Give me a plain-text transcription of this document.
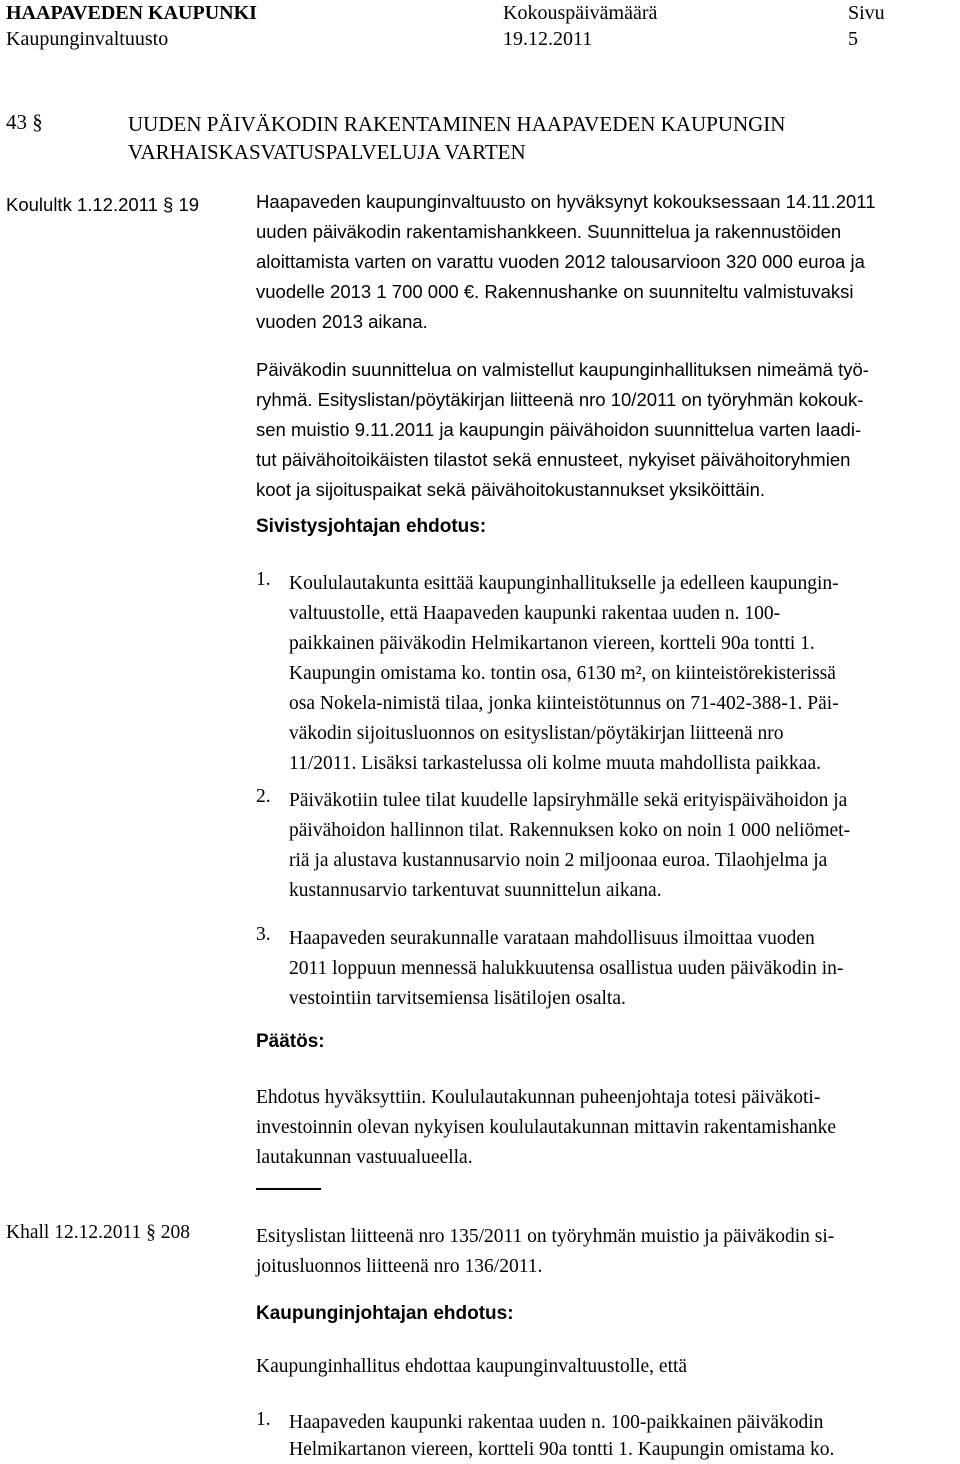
HAAPAVEDEN KAUPUNKI	Kokouspäivämäärä	Sivu
Kaupunginvaltuusto	19.12.2011	5
43 §	UUDEN PÄIVÄKODIN RAKENTAMINEN HAAPAVEDEN KAUPUNGIN
VARHAISKASVATUSPALVELUJA VARTEN
Koulultk 1.12.2011 § 19	Haapaveden kaupunginvaltuusto on hyväksynyt kokouksessaan 14.11.2011
uuden päiväkodin rakentamishankkeen. Suunnittelua ja rakennustöiden
aloittamista varten on varattu vuoden 2012 talousarvioon 320 000 euroa ja
vuodelle 2013 1 700 000 €. Rakennushanke on suunniteltu valmistuvaksi
vuoden 2013 aikana.
Päiväkodin suunnittelua on valmistellut kaupunginhallituksen nimeämä työ-
ryhmä. Esityslistan/pöytäkirjan liitteenä nro 10/2011 on työryhmän kokouk-
sen muistio 9.11.2011 ja kaupungin päivähoidon suunnittelua varten laadi-
tut päivähoitoikäisten tilastot sekä ennusteet, nykyiset päivähoitoryhmien
koot ja sijoituspaikat sekä päivähoitokustannukset yksiköittäin.
Sivistysjohtajan ehdotus:
1. Koululautakunta esittää kaupunginhallitukselle ja edelleen kaupungin-
valtuustolle, että Haapaveden kaupunki rakentaa uuden n. 100-
paikkainen päiväkodin Helmikartanon viereen, kortteli 90a tontti 1.
Kaupungin omistama ko. tontin osa, 6130 m², on kiinteistörekisterissä
osa Nokela-nimistä tilaa, jonka kiinteistötunnus on 71-402-388-1. Päi-
väkodin sijoitusluonnos on esityslistan/pöytäkirjan liitteenä nro
11/2011. Lisäksi tarkastelussa oli kolme muuta mahdollista paikkaa.
2. Päiväkotiin tulee tilat kuudelle lapsiryhmälle sekä erityispäivähoidon ja
päivähoidon hallinnon tilat. Rakennuksen koko on noin 1 000 neliömet-
riä ja alustava kustannusarvio noin 2 miljoonaa euroa. Tilaohjelma ja
kustannusarvio tarkentuvat suunnittelun aikana.
3. Haapaveden seurakunnalle varataan mahdollisuus ilmoittaa vuoden
2011 loppuun mennessä halukkuutensa osallistua uuden päiväkodin in-
vestointiin tarvitsemiensa lisätilojen osalta.
Päätös:
Ehdotus hyväksyttiin. Koululautakunnan puheenjohtaja totesi päiväkoti-
investoinnin olevan nykyisen koululautakunnan mittavin rakentamishanke
lautakunnan vastuualueella.
Khall 12.12.2011 § 208	Esityslistan liitteenä nro 135/2011 on työryhmän muistio ja päiväkodin si-
joitusluonnos liitteenä nro 136/2011.
Kaupunginjohtajan ehdotus:
Kaupunginhallitus ehdottaa kaupunginvaltuustolle, että
1. Haapaveden kaupunki rakentaa uuden n. 100-paikkainen päiväkodin
Helmikartanon viereen, kortteli 90a tontti 1. Kaupungin omistama ko.
